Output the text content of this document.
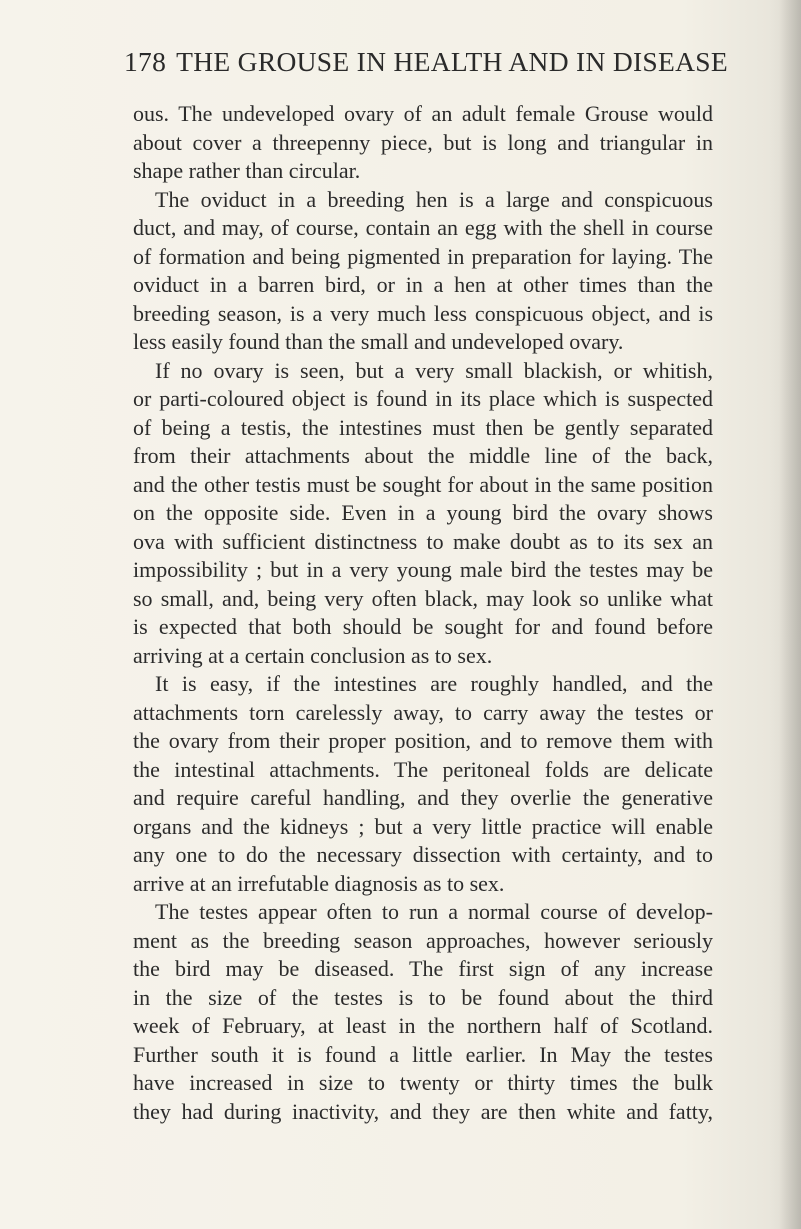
178 THE GROUSE IN HEALTH AND IN DISEASE
ous. The undeveloped ovary of an adult female Grouse would
about cover a threepenny piece, but is long and triangular in
shape rather than circular.
The oviduct in a breeding hen is a large and conspicuous
duct, and may, of course, contain an egg with the shell in course
of formation and being pigmented in preparation for laying. The
oviduct in a barren bird, or in a hen at other times than the
breeding season, is a very much less conspicuous object, and is
less easily found than the small and undeveloped ovary.
If no ovary is seen, but a very small blackish, or whitish,
or parti-coloured object is found in its place which is suspected
of being a testis, the intestines must then be gently separated
from their attachments about the middle line of the back,
and the other testis must be sought for about in the same position
on the opposite side. Even in a young bird the ovary shows
ova with sufficient distinctness to make doubt as to its sex an
impossibility ; but in a very young male bird the testes may be
so small, and, being very often black, may look so unlike what
is expected that both should be sought for and found before
arriving at a certain conclusion as to sex.
It is easy, if the intestines are roughly handled, and the
attachments torn carelessly away, to carry away the testes or
the ovary from their proper position, and to remove them with
the intestinal attachments. The peritoneal folds are delicate
and require careful handling, and they overlie the generative
organs and the kidneys ; but a very little practice will enable
any one to do the necessary dissection with certainty, and to
arrive at an irrefutable diagnosis as to sex.
The testes appear often to run a normal course of develop-
ment as the breeding season approaches, however seriously
the bird may be diseased. The first sign of any increase
in the size of the testes is to be found about the third
week of February, at least in the northern half of Scotland.
Further south it is found a little earlier. In May the testes
have increased in size to twenty or thirty times the bulk
they had during inactivity, and they are then white and fatty,
